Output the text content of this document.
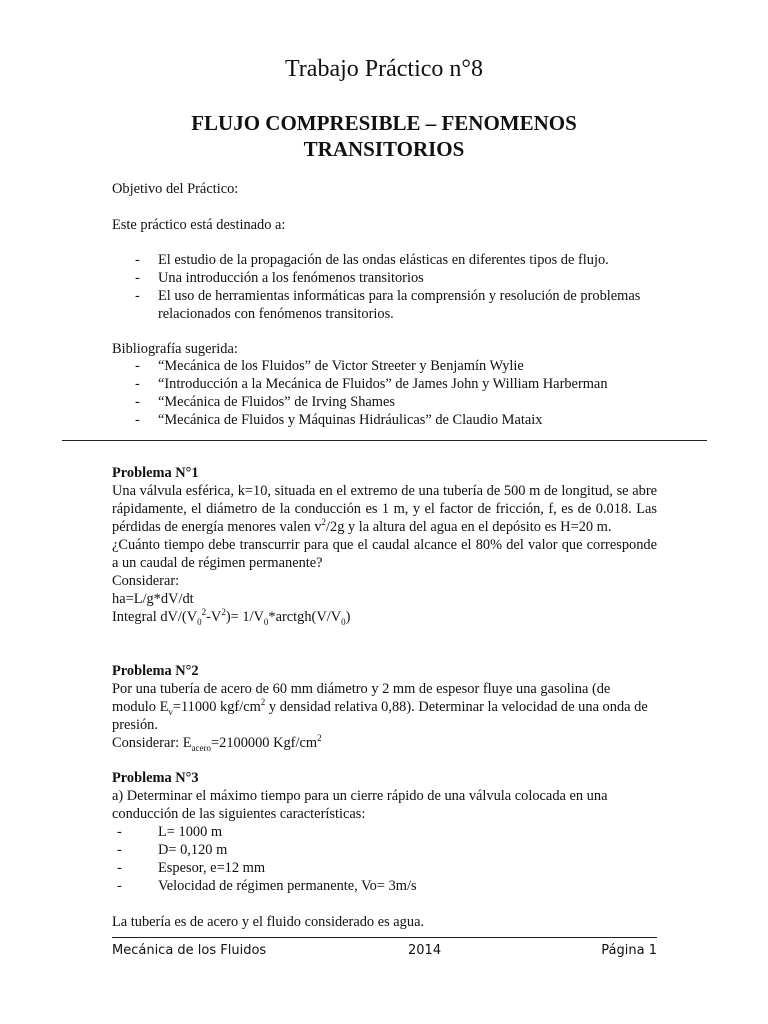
Trabajo Práctico n°8
FLUJO COMPRESIBLE – FENOMENOS
TRANSITORIOS
Objetivo del Práctico:
Este práctico está destinado a:
- El estudio de la propagación de las ondas elásticas en diferentes tipos de flujo.
- Una introducción a los fenómenos transitorios
- El uso de herramientas informáticas para la comprensión y resolución de problemas relacionados con fenómenos transitorios.
Bibliografía sugerida:
- “Mecánica de los Fluidos” de Victor Streeter y Benjamín Wylie
- “Introducción a la Mecánica de Fluidos” de James John y William Harberman
- “Mecánica de Fluidos” de Irving Shames
- “Mecánica de Fluidos y Máquinas Hidráulicas” de Claudio Mataix
Problema N°1
Una válvula esférica, k=10, situada en el extremo de una tubería de 500 m de longitud, se abre rápidamente, el diámetro de la conducción es 1 m, y el factor de fricción, f, es de 0.018. Las pérdidas de energía menores valen $v^2/2g$ y la altura del agua en el depósito es H=20 m.
¿Cuánto tiempo debe transcurrir para que el caudal alcance el 80% del valor que corresponde a un caudal de régimen permanente?
Considerar:
ha=L/g*dV/dt
Integral $dV/(V_0^2-V^2)=$ $1/V_0*arctgh(V/V_0)$
Problema N°2
Por una tubería de acero de 60 mm diámetro y 2 mm de espesor fluye una gasolina (de modulo $E_v=11000$ kgf/$cm^2$ y densidad relativa 0,88). Determinar la velocidad de una onda de presión.
Considerar: $E_{acero}=2100000$ Kgf/$cm^2$
Problema N°3
a) Determinar el máximo tiempo para un cierre rápido de una válvula colocada en una conducción de las siguientes características:
- L= 1000 m
- D= 0,120 m
- Espesor, e=12 mm
- Velocidad de régimen permanente, Vo= 3m/s
La tubería es de acero y el fluido considerado es agua.
Mecánica de los Fluidos	2014	Página 1
